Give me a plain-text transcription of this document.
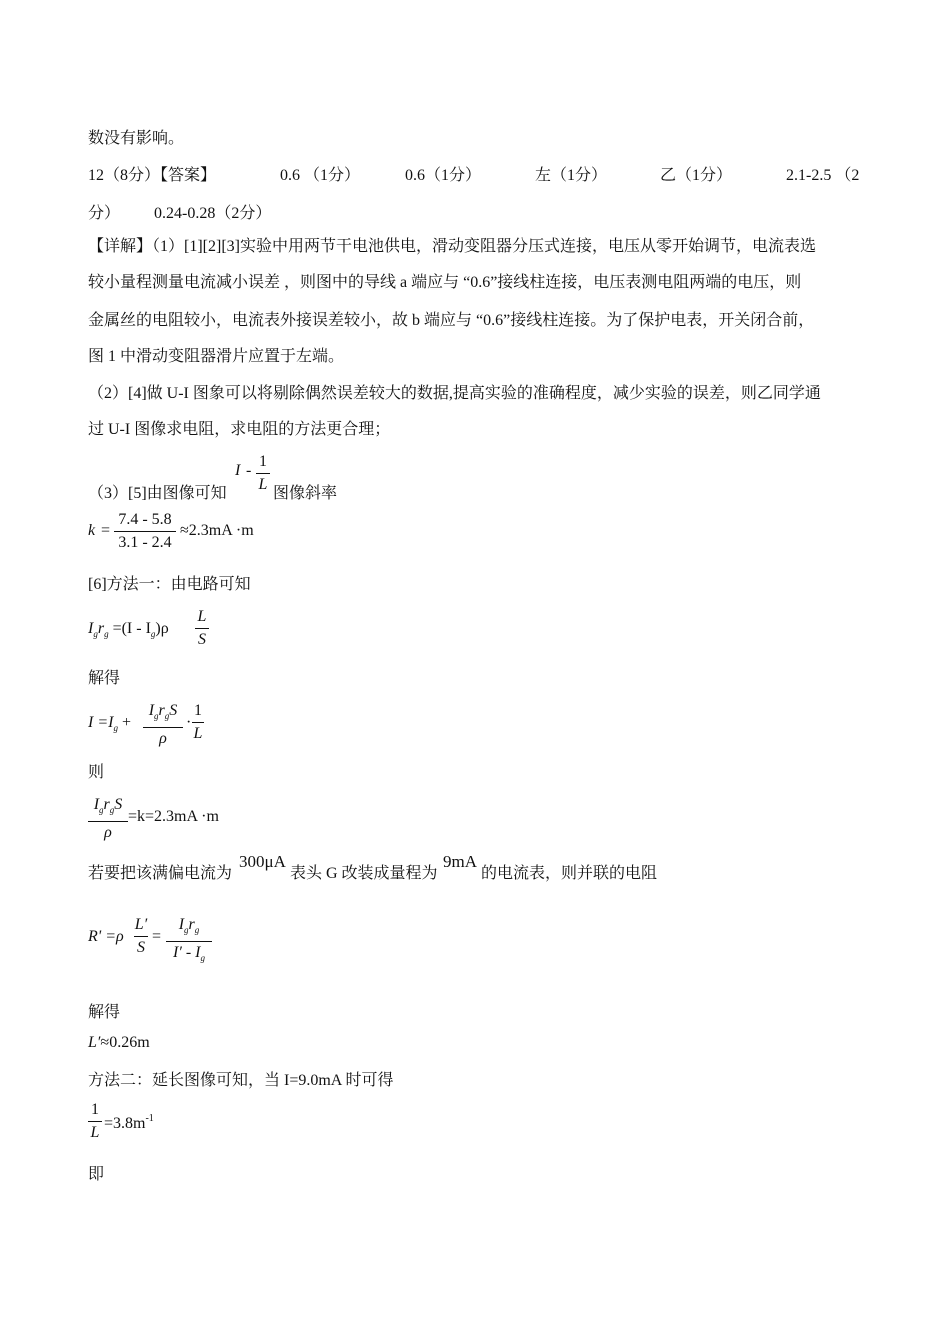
数没有影响。
12（8分）【答案】	0.6 （1分）	0.6（1分）	左（1分）	乙（1分）	2.1-2.5 （2
分） 0.24-0.28（2分）
【详解】（1）[1][2][3]实验中用两节干电池供电，滑动变阻器分压式连接，电压从零开始调节，电流表选
较小量程测量电流减小误差 ，则图中的导线 a 端应与 “0.6”接线柱连接，电压表测电阻两端的电压，则
金属丝的电阻较小，电流表外接误差较小，故 b 端应与 “0.6”接线柱连接。为了保护电表，开关闭合前，
图 1 中滑动变阻器滑片应置于左端。
（2）[4]做 U-I 图象可以将剔除偶然误差较大的数据,提高实验的准确程度，减少实验的误差，则乙同学通
过 U-I 图像求电阻，求电阻的方法更合理；
（3）[5]由图像可知
I -
1
L
图像斜率
k =
7.4 - 5.8
3.1 - 2.4
≈2.3mA ·m
[6]方法一：由电路可知
$I_gr_g =(I - I_g)\rho$
L
S
解得
$I =I_g$ +
$I_gr_gS$
ρ
·
1
L
则
$I_gr_gS$
ρ
=k=2.3mA ·m
若要把该满偏电流为
300μA
表头 G 改装成量程为
9mA
的电流表，则并联的电阻
R' =ρ
L′
S
=
$I_gr_g$
$I' - I_g$
解得
L′≈0.26m
方法二：延长图像可知，当 I=9.0mA 时可得
1
L
$=3.8m^{-1}$
即
